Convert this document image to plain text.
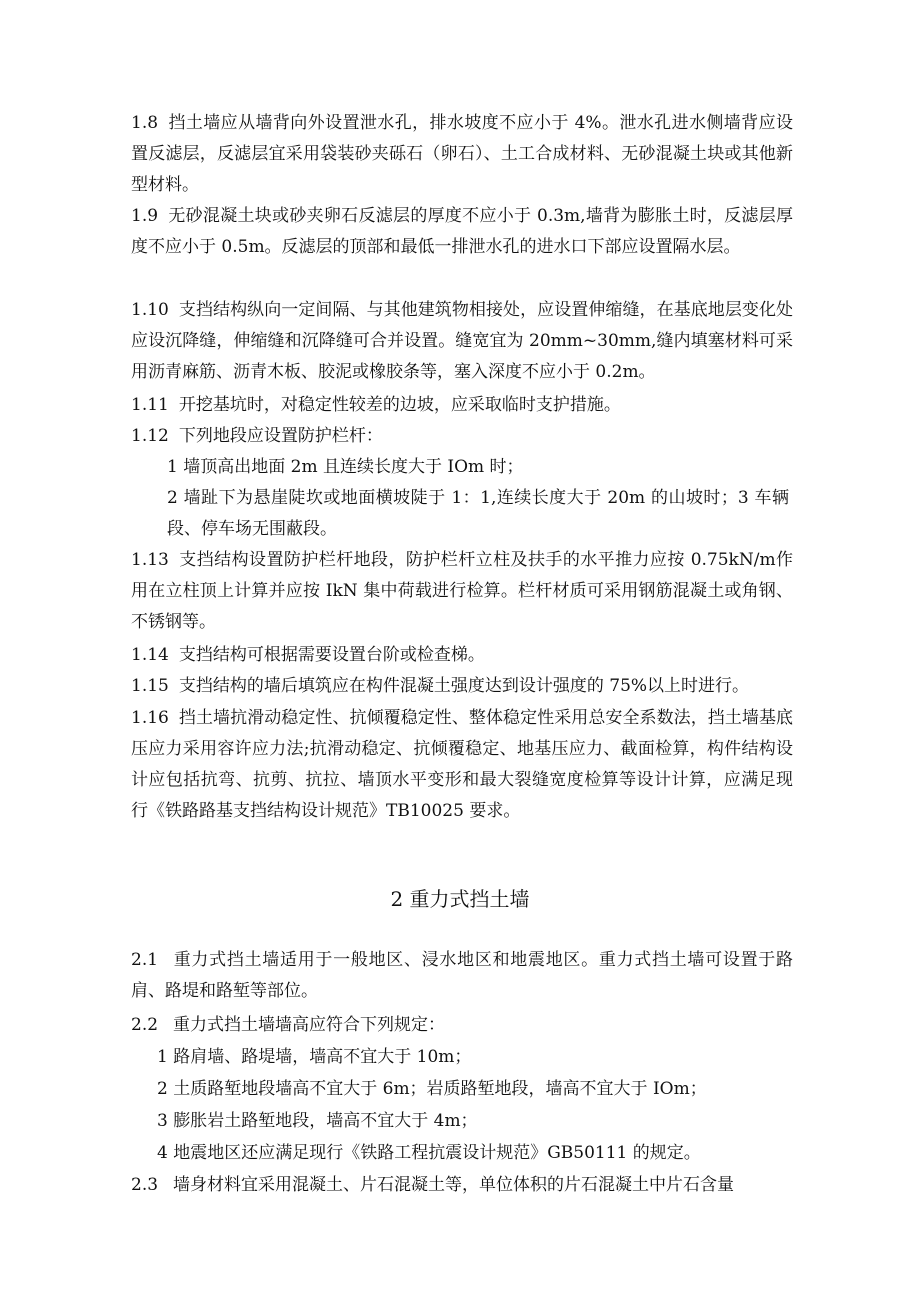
1.8 挡土墙应从墙背向外设置泄水孔，排水坡度不应小于 4%。泄水孔进水侧墙背应设置反滤层，反滤层宜采用袋装砂夹砾石（卵石）、土工合成材料、无砂混凝土块或其他新型材料。

1.9 无砂混凝土块或砂夹卵石反滤层的厚度不应小于 0.3m,墙背为膨胀土时，反滤层厚度不应小于 0.5m。反滤层的顶部和最低一排泄水孔的进水口下部应设置隔水层。

1.10 支挡结构纵向一定间隔、与其他建筑物相接处，应设置伸缩缝，在基底地层变化处应设沉降缝，伸缩缝和沉降缝可合并设置。缝宽宜为 20mm~30mm,缝内填塞材料可采用沥青麻筋、沥青木板、胶泥或橡胶条等，塞入深度不应小于 0.2m。

1.11 开挖基坑时，对稳定性较差的边坡，应采取临时支护措施。

1.12 下列地段应设置防护栏杆：

1 墙顶高出地面 2m 且连续长度大于 IOm 时；

2 墙趾下为悬崖陡坎或地面横坡陡于 1：1,连续长度大于 20m 的山坡时；3 车辆段、停车场无围蔽段。

1.13 支挡结构设置防护栏杆地段，防护栏杆立柱及扶手的水平推力应按 0.75kN∕m作用在立柱顶上计算并应按 IkN 集中荷载进行检算。栏杆材质可采用钢筋混凝土或角钢、不锈钢等。

1.14 支挡结构可根据需要设置台阶或检查梯。

1.15 支挡结构的墙后填筑应在构件混凝土强度达到设计强度的 75%以上时进行。

1.16 挡土墙抗滑动稳定性、抗倾覆稳定性、整体稳定性采用总安全系数法，挡土墙基底压应力采用容许应力法;抗滑动稳定、抗倾覆稳定、地基压应力、截面检算，构件结构设计应包括抗弯、抗剪、抗拉、墙顶水平变形和最大裂缝宽度检算等设计计算，应满足现行《铁路路基支挡结构设计规范》TB10025 要求。

2 重力式挡土墙

2.1 重力式挡土墙适用于一般地区、浸水地区和地震地区。重力式挡土墙可设置于路肩、路堤和路堑等部位。

2.2 重力式挡土墙墙高应符合下列规定：

1 路肩墙、路堤墙，墙高不宜大于 10m；

2 土质路堑地段墙高不宜大于 6m；岩质路堑地段，墙高不宜大于 IOm；

3 膨胀岩土路堑地段，墙高不宜大于 4m；

4 地震地区还应满足现行《铁路工程抗震设计规范》GB50111 的规定。

2.3 墙身材料宜采用混凝土、片石混凝土等，单位体积的片石混凝土中片石含量
